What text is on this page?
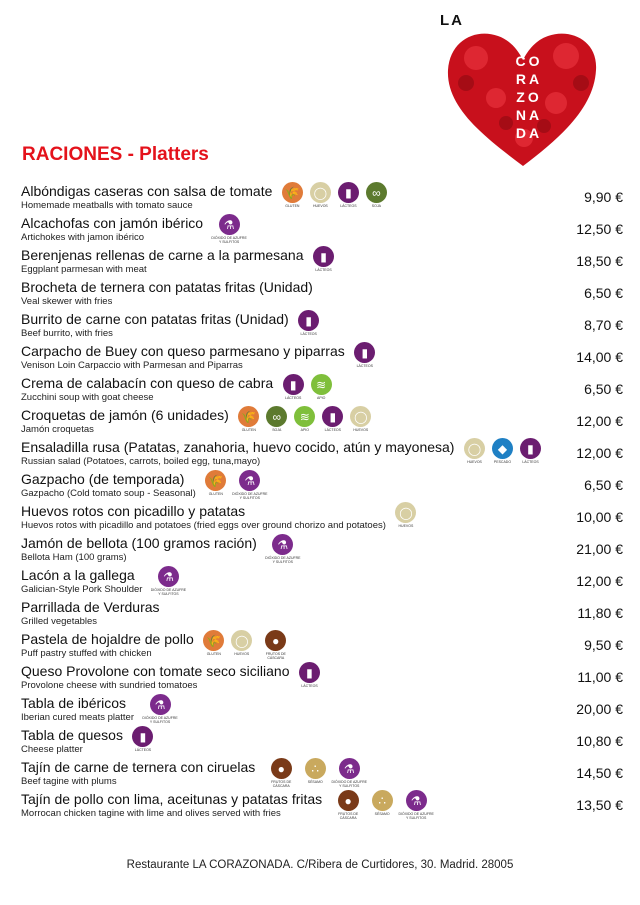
LA
CO
RA
ZO
NA
DA
RACIONES - Platters
Albóndigas caseras con salsa de tomate
Homemade meatballs with tomato sauce
🌾
GLUTEN
◯
HUEVOS
▮
LÁCTEOS
∞
SOJA
9,90 €
Alcachofas con jamón ibérico
Artichokes with jamon ibérico
⚗
DIÓXIDO DE AZUFRE Y SULFITOS
12,50 €
Berenjenas rellenas de carne a la parmesana
Eggplant parmesan with meat
▮
LÁCTEOS
18,50 €
Brocheta de ternera con patatas fritas (Unidad)
Veal skewer with fries	6,50 €
Burrito de carne con patatas fritas (Unidad)
Beef burrito, with fries
▮
LÁCTEOS
8,70 €
Carpacho de Buey con queso parmesano y piparras
Venison Loin Carpaccio with Parmesan and Piparras
▮
LÁCTEOS
14,00 €
Crema de calabacín con queso de cabra
Zucchini soup with goat cheese
▮
LÁCTEOS
≋
APIO
6,50 €
Croquetas de jamón (6 unidades)
Jamón croquetas
🌾
GLUTEN
∞
SOJA
≋
APIO
▮
LÁCTEOS
◯
HUEVOS
12,00 €
Ensaladilla rusa (Patatas, zanahoria, huevo cocido, atún y mayonesa)
Russian salad (Potatoes, carrots, boiled egg, tuna,mayo)
◯
HUEVOS
◆
PESCADO
▮
LÁCTEOS
12,00 €
Gazpacho (de temporada)
Gazpacho (Cold tomato soup - Seasonal)
🌾
GLUTEN
⚗
DIÓXIDO DE AZUFRE Y SULFITOS
6,50 €
Huevos rotos con picadillo y patatas
Huevos rotos with picadillo and potatoes (fried eggs over ground chorizo and potatoes)
◯
HUEVOS
10,00 €
Jamón de bellota (100 gramos ración)
Bellota Ham (100 grams)
⚗
DIÓXIDO DE AZUFRE Y SULFITOS
21,00 €
Lacón a la gallega
Galician-Style Pork Shoulder
⚗
DIÓXIDO DE AZUFRE Y SULFITOS
12,00 €
Parrillada de Verduras
Grilled vegetables	11,80 €
Pastela de hojaldre de pollo
Puff pastry stuffed with chicken
🌾
GLUTEN
◯
HUEVOS
●
FRUTOS DE CÁSCARA
9,50 €
Queso Provolone con tomate seco siciliano
Provolone cheese with sundried tomatoes
▮
LÁCTEOS
11,00 €
Tabla de ibéricos
Iberian cured meats platter
⚗
DIÓXIDO DE AZUFRE Y SULFITOS
20,00 €
Tabla de quesos
Cheese platter
▮
LÁCTEOS
10,80 €
Tajín de carne de ternera con ciruelas
Beef tagine with plums
●
FRUTOS DE CÁSCARA
∴
SÉSAMO
⚗
DIÓXIDO DE AZUFRE Y SULFITOS
14,50 €
Tajín de pollo con lima, aceitunas y patatas fritas
Morrocan chicken tagine with lime and olives served with fries
●
FRUTOS DE CÁSCARA
∴
SÉSAMO
⚗
DIÓXIDO DE AZUFRE Y SULFITOS
13,50 €
Restaurante LA CORAZONADA. C/Ribera de Curtidores, 30. Madrid. 28005
